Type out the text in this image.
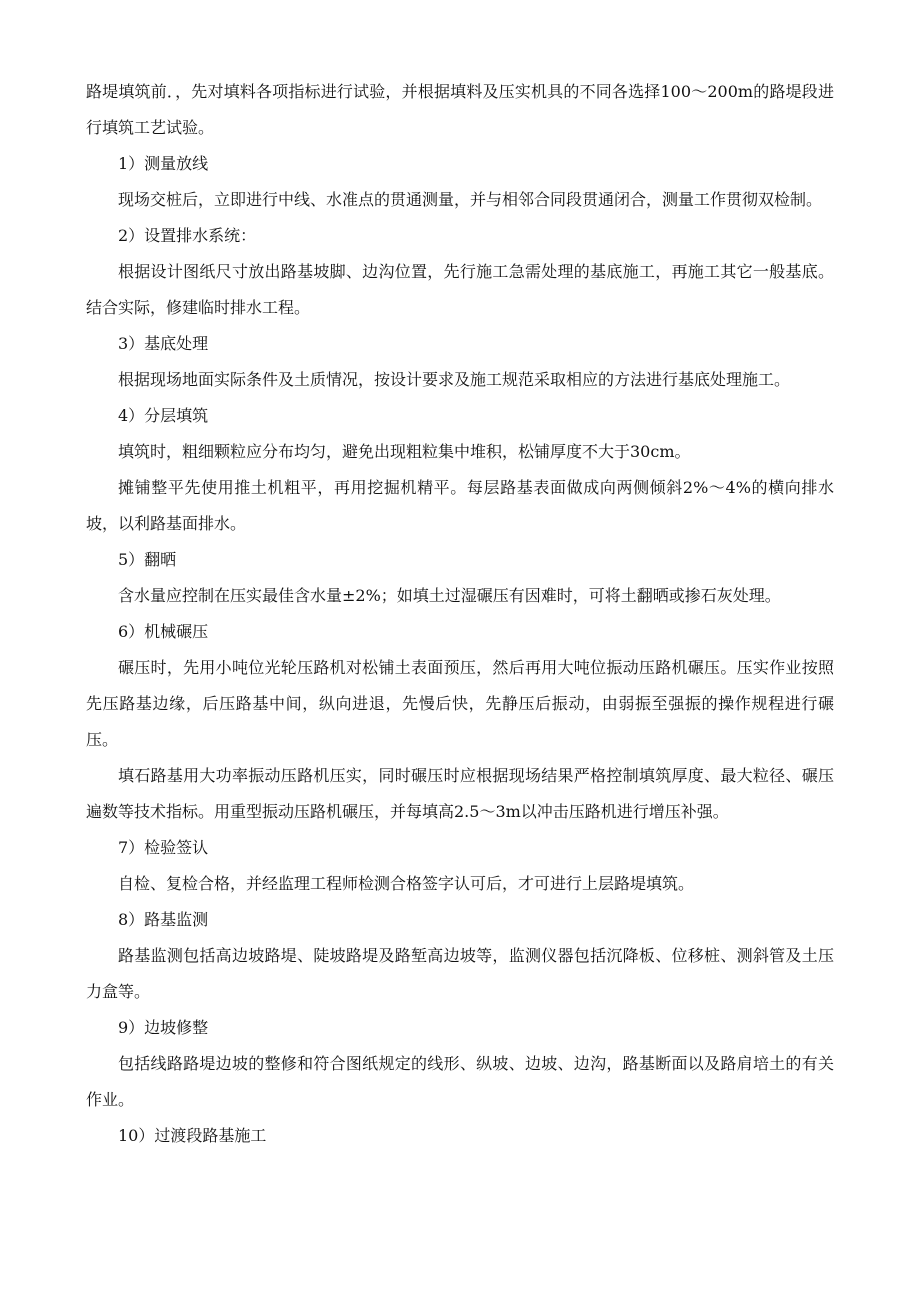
路堤填筑前．，先对填料各项指标进行试验，并根据填料及压实机具的不同各选择100～200m的路堤段进行填筑工艺试验。

1）测量放线

现场交桩后，立即进行中线、水准点的贯通测量，并与相邻合同段贯通闭合，测量工作贯彻双检制。

2）设置排水系统：

根据设计图纸尺寸放出路基坡脚、边沟位置，先行施工急需处理的基底施工，再施工其它一般基底。结合实际，修建临时排水工程。

3）基底处理

根据现场地面实际条件及土质情况，按设计要求及施工规范采取相应的方法进行基底处理施工。

4）分层填筑

填筑时，粗细颗粒应分布均匀，避免出现粗粒集中堆积，松铺厚度不大于30cm。

摊铺整平先使用推土机粗平，再用挖掘机精平。每层路基表面做成向两侧倾斜2%～4%的横向排水坡，以利路基面排水。

5）翻晒

含水量应控制在压实最佳含水量±2%；如填土过湿碾压有因难时，可将土翻晒或掺石灰处理。

6）机械碾压

碾压时，先用小吨位光轮压路机对松铺土表面预压，然后再用大吨位振动压路机碾压。压实作业按照先压路基边缘，后压路基中间，纵向进退，先慢后快，先静压后振动，由弱振至强振的操作规程进行碾压。

填石路基用大功率振动压路机压实，同时碾压时应根据现场结果严格控制填筑厚度、最大粒径、碾压遍数等技术指标。用重型振动压路机碾压，并每填高2.5～3m以冲击压路机进行增压补强。

7）检验签认

自检、复检合格，并经监理工程师检测合格签字认可后，才可进行上层路堤填筑。

8）路基监测

路基监测包括高边坡路堤、陡坡路堤及路堑高边坡等，监测仪器包括沉降板、位移桩、测斜管及土压力盒等。

9）边坡修整

包括线路路堤边坡的整修和符合图纸规定的线形、纵坡、边坡、边沟，路基断面以及路肩培土的有关作业。

10）过渡段路基施工
